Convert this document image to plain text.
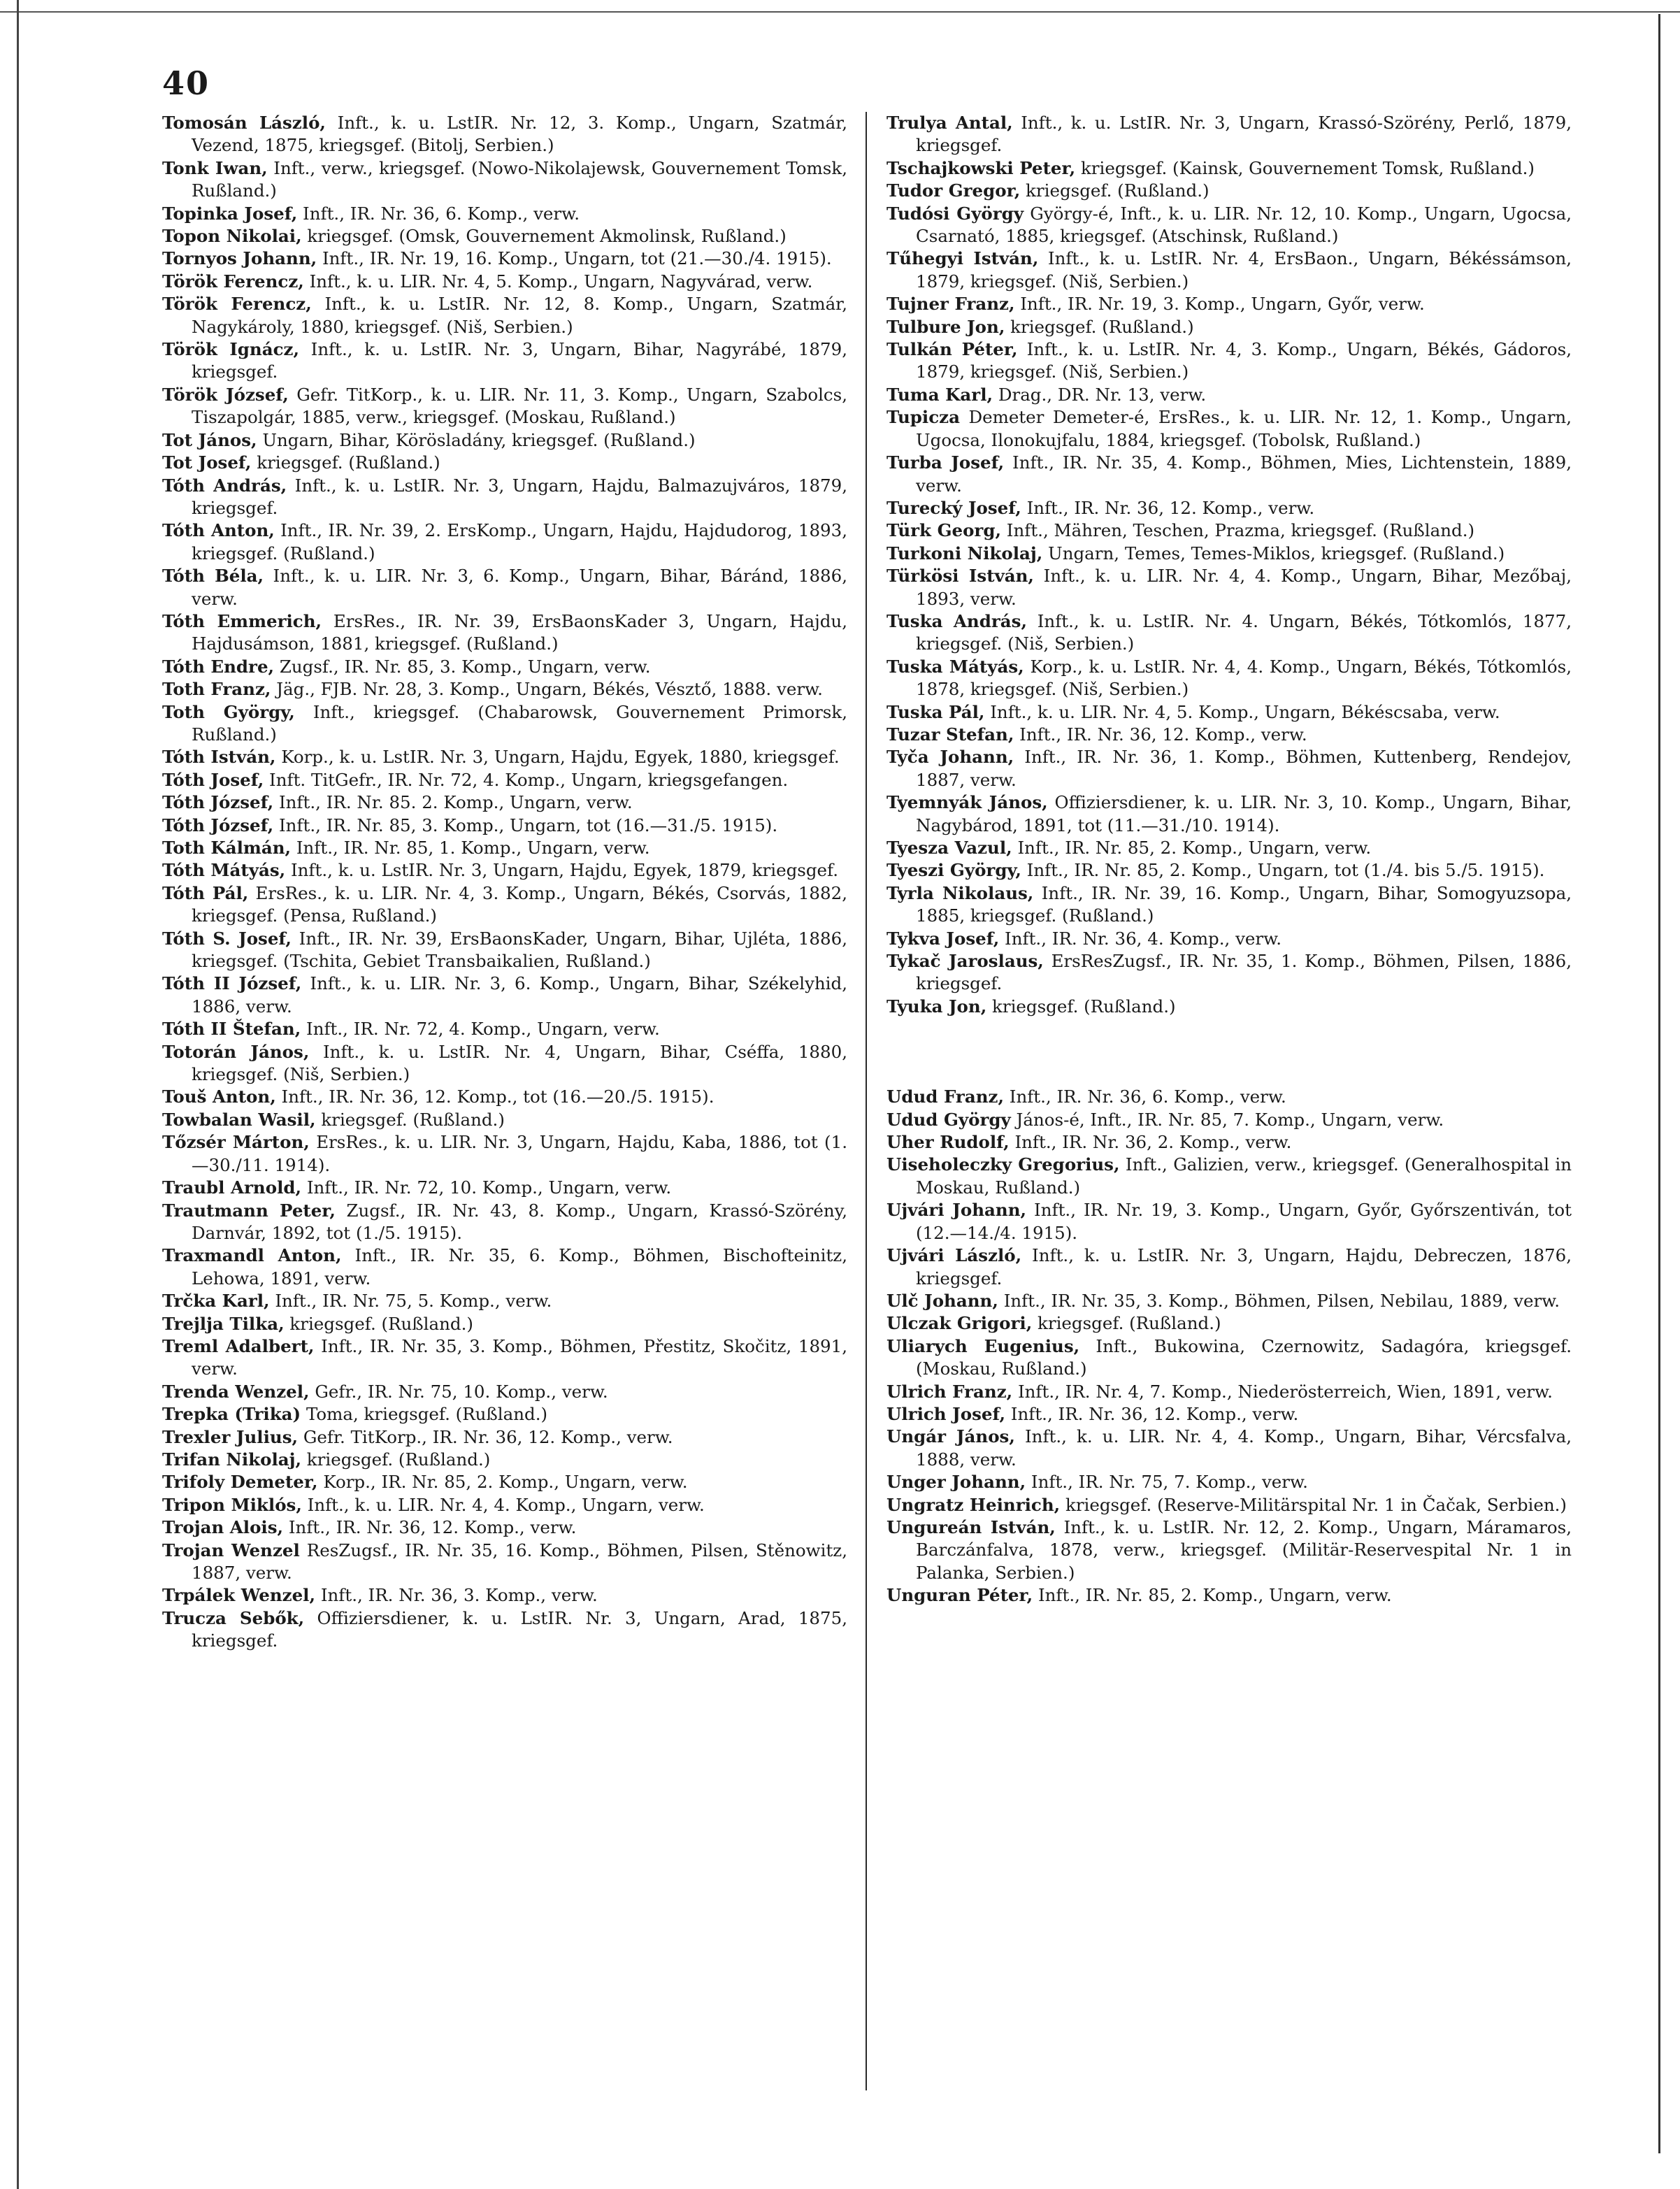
40
Tomosán László, Inft., k. u. LstIR. Nr. 12, 3. Komp., Ungarn, Szatmár, Vezend, 1875, kriegsgef. (Bitolj, Serbien.)
Tonk Iwan, Inft., verw., kriegsgef. (Nowo-Nikolajewsk, Gouvernement Tomsk, Rußland.)
Topinka Josef, Inft., IR. Nr. 36, 6. Komp., verw.
Topon Nikolai, kriegsgef. (Omsk, Gouvernement Akmolinsk, Rußland.)
Tornyos Johann, Inft., IR. Nr. 19, 16. Komp., Ungarn, tot (21.—30./4. 1915).
Török Ferencz, Inft., k. u. LIR. Nr. 4, 5. Komp., Ungarn, Nagyvárad, verw.
Török Ferencz, Inft., k. u. LstIR. Nr. 12, 8. Komp., Ungarn, Szatmár, Nagykároly, 1880, kriegsgef. (Niš, Serbien.)
Török Ignácz, Inft., k. u. LstIR. Nr. 3, Ungarn, Bihar, Nagyrábé, 1879, kriegsgef.
Török József, Gefr. TitKorp., k. u. LIR. Nr. 11, 3. Komp., Ungarn, Szabolcs, Tiszapolgár, 1885, verw., kriegsgef. (Moskau, Rußland.)
Tot János, Ungarn, Bihar, Körösladány, kriegsgef. (Rußland.)
Tot Josef, kriegsgef. (Rußland.)
Tóth András, Inft., k. u. LstIR. Nr. 3, Ungarn, Hajdu, Balmazujváros, 1879, kriegsgef.
Tóth Anton, Inft., IR. Nr. 39, 2. ErsKomp., Ungarn, Hajdu, Hajdudorog, 1893, kriegsgef. (Rußland.)
Tóth Béla, Inft., k. u. LIR. Nr. 3, 6. Komp., Ungarn, Bihar, Báránd, 1886, verw.
Tóth Emmerich, ErsRes., IR. Nr. 39, ErsBaonsKader 3, Ungarn, Hajdu, Hajdusámson, 1881, kriegsgef. (Rußland.)
Tóth Endre, Zugsf., IR. Nr. 85, 3. Komp., Ungarn, verw.
Toth Franz, Jäg., FJB. Nr. 28, 3. Komp., Ungarn, Békés, Vésztő, 1888. verw.
Toth György, Inft., kriegsgef. (Chabarowsk, Gouvernement Primorsk, Rußland.)
Tóth István, Korp., k. u. LstIR. Nr. 3, Ungarn, Hajdu, Egyek, 1880, kriegsgef.
Tóth Josef, Inft. TitGefr., IR. Nr. 72, 4. Komp., Ungarn, kriegsgefangen.
Tóth József, Inft., IR. Nr. 85. 2. Komp., Ungarn, verw.
Tóth József, Inft., IR. Nr. 85, 3. Komp., Ungarn, tot (16.—31./5. 1915).
Toth Kálmán, Inft., IR. Nr. 85, 1. Komp., Ungarn, verw.
Tóth Mátyás, Inft., k. u. LstIR. Nr. 3, Ungarn, Hajdu, Egyek, 1879, kriegsgef.
Tóth Pál, ErsRes., k. u. LIR. Nr. 4, 3. Komp., Ungarn, Békés, Csorvás, 1882, kriegsgef. (Pensa, Rußland.)
Tóth S. Josef, Inft., IR. Nr. 39, ErsBaonsKader, Ungarn, Bihar, Ujléta, 1886, kriegsgef. (Tschita, Gebiet Transbaikalien, Rußland.)
Tóth II József, Inft., k. u. LIR. Nr. 3, 6. Komp., Ungarn, Bihar, Székelyhid, 1886, verw.
Tóth II Štefan, Inft., IR. Nr. 72, 4. Komp., Ungarn, verw.
Totorán János, Inft., k. u. LstIR. Nr. 4, Ungarn, Bihar, Cséffa, 1880, kriegsgef. (Niš, Serbien.)
Touš Anton, Inft., IR. Nr. 36, 12. Komp., tot (16.—20./5. 1915).
Towbalan Wasil, kriegsgef. (Rußland.)
Tőzsér Márton, ErsRes., k. u. LIR. Nr. 3, Ungarn, Hajdu, Kaba, 1886, tot (1.—30./11. 1914).
Traubl Arnold, Inft., IR. Nr. 72, 10. Komp., Ungarn, verw.
Trautmann Peter, Zugsf., IR. Nr. 43, 8. Komp., Ungarn, Krassó-Szörény, Darnvár, 1892, tot (1./5. 1915).
Traxmandl Anton, Inft., IR. Nr. 35, 6. Komp., Böhmen, Bischofteinitz, Lehowa, 1891, verw.
Trčka Karl, Inft., IR. Nr. 75, 5. Komp., verw.
Trejlja Tilka, kriegsgef. (Rußland.)
Treml Adalbert, Inft., IR. Nr. 35, 3. Komp., Böhmen, Přestitz, Skočitz, 1891, verw.
Trenda Wenzel, Gefr., IR. Nr. 75, 10. Komp., verw.
Trepka (Trika) Toma, kriegsgef. (Rußland.)
Trexler Julius, Gefr. TitKorp., IR. Nr. 36, 12. Komp., verw.
Trifan Nikolaj, kriegsgef. (Rußland.)
Trifoly Demeter, Korp., IR. Nr. 85, 2. Komp., Ungarn, verw.
Tripon Miklós, Inft., k. u. LIR. Nr. 4, 4. Komp., Ungarn, verw.
Trojan Alois, Inft., IR. Nr. 36, 12. Komp., verw.
Trojan Wenzel ResZugsf., IR. Nr. 35, 16. Komp., Böhmen, Pilsen, Stěnowitz, 1887, verw.
Trpálek Wenzel, Inft., IR. Nr. 36, 3. Komp., verw.
Trucza Sebők, Offiziersdiener, k. u. LstIR. Nr. 3, Ungarn, Arad, 1875, kriegsgef.
Trulya Antal, Inft., k. u. LstIR. Nr. 3, Ungarn, Krassó-Szörény, Perlő, 1879, kriegsgef.
Tschajkowski Peter, kriegsgef. (Kainsk, Gouvernement Tomsk, Rußland.)
Tudor Gregor, kriegsgef. (Rußland.)
Tudósi György György-é, Inft., k. u. LIR. Nr. 12, 10. Komp., Ungarn, Ugocsa, Csarnató, 1885, kriegsgef. (Atschinsk, Rußland.)
Tűhegyi István, Inft., k. u. LstIR. Nr. 4, ErsBaon., Ungarn, Békéssámson, 1879, kriegsgef. (Niš, Serbien.)
Tujner Franz, Inft., IR. Nr. 19, 3. Komp., Ungarn, Győr, verw.
Tulbure Jon, kriegsgef. (Rußland.)
Tulkán Péter, Inft., k. u. LstIR. Nr. 4, 3. Komp., Ungarn, Békés, Gádoros, 1879, kriegsgef. (Niš, Serbien.)
Tuma Karl, Drag., DR. Nr. 13, verw.
Tupicza Demeter Demeter-é, ErsRes., k. u. LIR. Nr. 12, 1. Komp., Ungarn, Ugocsa, Ilonokujfalu, 1884, kriegsgef. (Tobolsk, Rußland.)
Turba Josef, Inft., IR. Nr. 35, 4. Komp., Böhmen, Mies, Lichtenstein, 1889, verw.
Turecký Josef, Inft., IR. Nr. 36, 12. Komp., verw.
Türk Georg, Inft., Mähren, Teschen, Prazma, kriegsgef. (Rußland.)
Turkoni Nikolaj, Ungarn, Temes, Temes-Miklos, kriegsgef. (Rußland.)
Türkösi István, Inft., k. u. LIR. Nr. 4, 4. Komp., Ungarn, Bihar, Mezőbaj, 1893, verw.
Tuska András, Inft., k. u. LstIR. Nr. 4. Ungarn, Békés, Tótkomlós, 1877, kriegsgef. (Niš, Serbien.)
Tuska Mátyás, Korp., k. u. LstIR. Nr. 4, 4. Komp., Ungarn, Békés, Tótkomlós, 1878, kriegsgef. (Niš, Serbien.)
Tuska Pál, Inft., k. u. LIR. Nr. 4, 5. Komp., Ungarn, Békéscsaba, verw.
Tuzar Stefan, Inft., IR. Nr. 36, 12. Komp., verw.
Tyča Johann, Inft., IR. Nr. 36, 1. Komp., Böhmen, Kuttenberg, Rendejov, 1887, verw.
Tyemnyák János, Offiziersdiener, k. u. LIR. Nr. 3, 10. Komp., Ungarn, Bihar, Nagybárod, 1891, tot (11.—31./10. 1914).
Tyesza Vazul, Inft., IR. Nr. 85, 2. Komp., Ungarn, verw.
Tyeszi György, Inft., IR. Nr. 85, 2. Komp., Ungarn, tot (1./4. bis 5./5. 1915).
Tyrla Nikolaus, Inft., IR. Nr. 39, 16. Komp., Ungarn, Bihar, Somogyuzsopa, 1885, kriegsgef. (Rußland.)
Tykva Josef, Inft., IR. Nr. 36, 4. Komp., verw.
Tykač Jaroslaus, ErsResZugsf., IR. Nr. 35, 1. Komp., Böhmen, Pilsen, 1886, kriegsgef.
Tyuka Jon, kriegsgef. (Rußland.)
Udud Franz, Inft., IR. Nr. 36, 6. Komp., verw.
Udud György János-é, Inft., IR. Nr. 85, 7. Komp., Ungarn, verw.
Uher Rudolf, Inft., IR. Nr. 36, 2. Komp., verw.
Uiseholeczky Gregorius, Inft., Galizien, verw., kriegsgef. (Generalhospital in Moskau, Rußland.)
Ujvári Johann, Inft., IR. Nr. 19, 3. Komp., Ungarn, Győr, Győrszentiván, tot (12.—14./4. 1915).
Ujvári László, Inft., k. u. LstIR. Nr. 3, Ungarn, Hajdu, Debreczen, 1876, kriegsgef.
Ulč Johann, Inft., IR. Nr. 35, 3. Komp., Böhmen, Pilsen, Nebilau, 1889, verw.
Ulczak Grigori, kriegsgef. (Rußland.)
Uliarych Eugenius, Inft., Bukowina, Czernowitz, Sadagóra, kriegsgef. (Moskau, Rußland.)
Ulrich Franz, Inft., IR. Nr. 4, 7. Komp., Niederösterreich, Wien, 1891, verw.
Ulrich Josef, Inft., IR. Nr. 36, 12. Komp., verw.
Ungár János, Inft., k. u. LIR. Nr. 4, 4. Komp., Ungarn, Bihar, Vércsfalva, 1888, verw.
Unger Johann, Inft., IR. Nr. 75, 7. Komp., verw.
Ungratz Heinrich, kriegsgef. (Reserve-Militärspital Nr. 1 in Čačak, Serbien.)
Ungureán István, Inft., k. u. LstIR. Nr. 12, 2. Komp., Ungarn, Máramaros, Barczánfalva, 1878, verw., kriegsgef. (Militär-Reservespital Nr. 1 in Palanka, Serbien.)
Unguran Péter, Inft., IR. Nr. 85, 2. Komp., Ungarn, verw.
